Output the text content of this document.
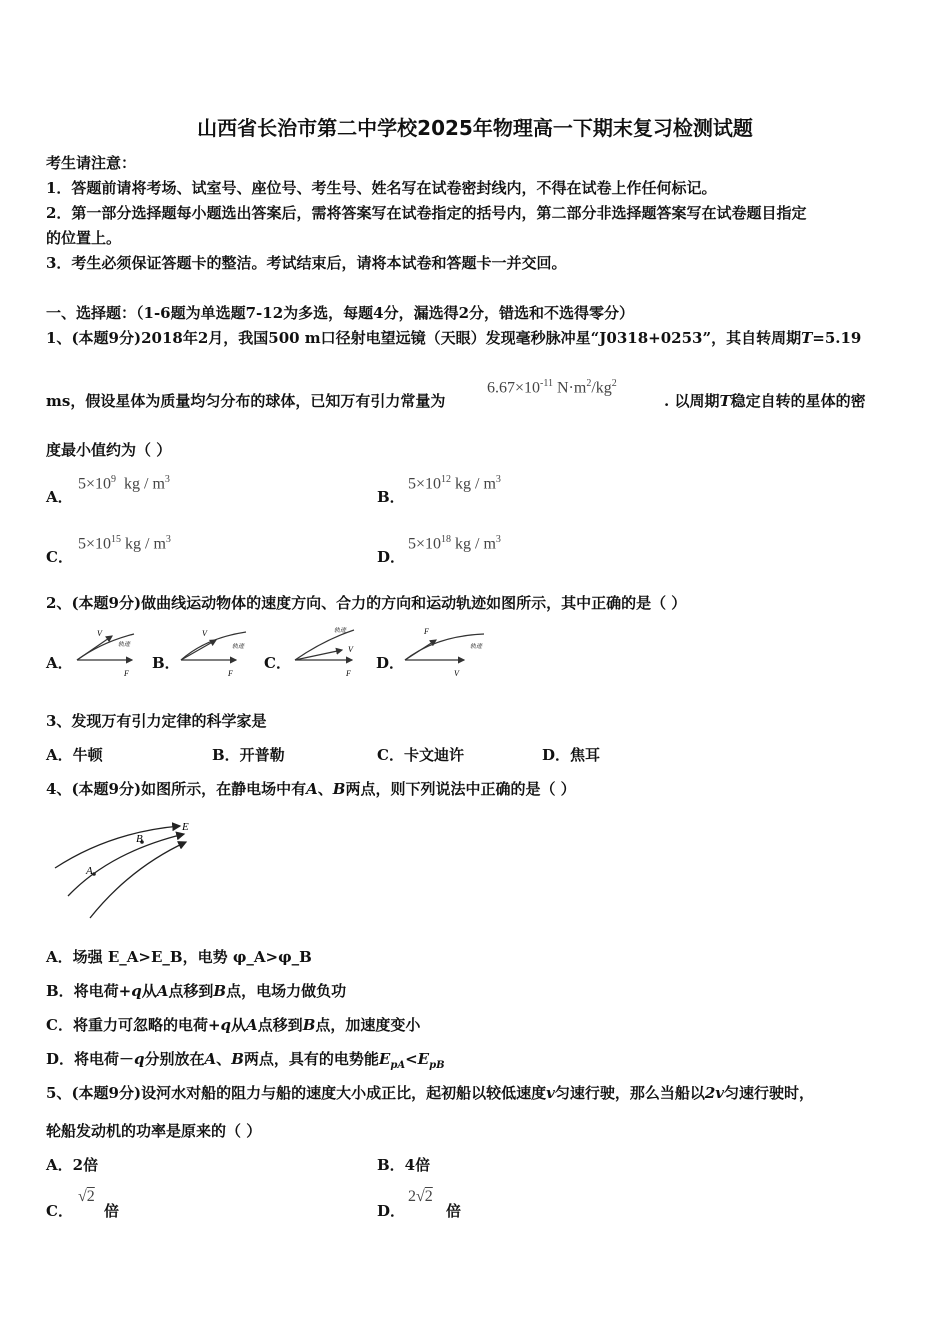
山西省长治市第二中学校2025年物理高一下期末复习检测试题
考生请注意：
1．答题前请将考场、试室号、座位号、考生号、姓名写在试卷密封线内，不得在试卷上作任何标记。
2．第一部分选择题每小题选出答案后，需将答案写在试卷指定的括号内，第二部分非选择题答案写在试卷题目指定
的位置上。
3．考生必须保证答题卡的整洁。考试结束后，请将本试卷和答题卡一并交回。
一、选择题：（1-6题为单选题7-12为多选，每题4分，漏选得2分，错选和不选得零分）
1、(本题9分)2018年2月，我国500 m口径射电望远镜（天眼）发现毫秒脉冲星“J0318+0253”，其自转周期T=5.19
ms，假设星体为质量均匀分布的球体，已知万有引力常量为
$6.67\times 10^{-11}$ $N\cdot m^2/kg^2$
. 以周期T稳定自转的星体的密
度最小值约为（ ）
A．
$5\times 10^9$ kg / $m^3$
B．
$5\times 10^{12}$ kg / $m^3$
C．
$5\times 10^{15}$ kg / $m^3$
D．
$5\times 10^{18}$ kg / $m^3$
2、(本题9分)做曲线运动物体的速度方向、合力的方向和运动轨迹如图所示，其中正确的是（ ）
A．
V
轨迹
F
B．
V
轨迹
F
C．
轨迹
V
F
D．
F
轨迹
V
3、发现万有引力定律的科学家是
A．牛顿	B．开普勒	C．卡文迪许	D．焦耳
4、(本题9分)如图所示，在静电场中有A、B两点，则下列说法中正确的是（ ）
A
B
E
A．场强 E_A>E_B，电势 φ_A>φ_B
B．将电荷+q从A点移到B点，电场力做负功
C．将重力可忽略的电荷+q从A点移到B点，加速度变小
D．将电荷－q分别放在A、B两点，具有的电势能$E_{pA}<E_{pB}$
5、(本题9分)设河水对船的阻力与船的速度大小成正比，起初船以较低速度v匀速行驶，那么当船以2v匀速行驶时，
轮船发动机的功率是原来的（ ）
A．2倍	B．4倍
C．
√2
倍	D．
2√2
倍
